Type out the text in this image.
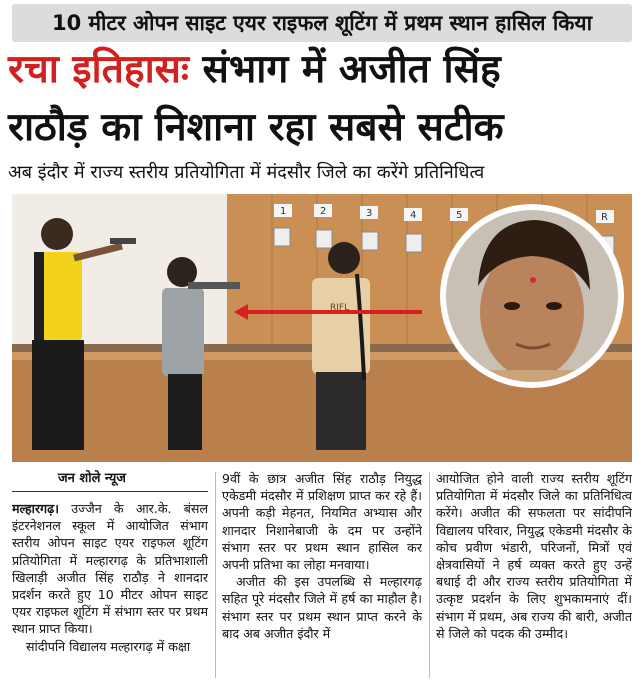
10 मीटर ओपन साइट एयर राइफल शूटिंग में प्रथम स्थान हासिल किया
रचा इतिहासः संभाग में अजीत सिंह
राठौड़ का निशाना रहा सबसे सटीक
अब इंदौर में राज्य स्तरीय प्रतियोगिता में मंदसौर जिले का करेंगे प्रतिनिधित्व
1	2	3	4	5	R
RIFL
जन शोले न्यूज

मल्हारगढ़। उज्जैन के आर.के. बंसल इंटरनेशनल स्कूल में आयोजित संभाग स्तरीय ओपन साइट एयर राइफल शूटिंग प्रतियोगिता में मल्हारगढ़ के प्रतिभाशाली खिलाड़ी अजीत सिंह राठौड़ ने शानदार प्रदर्शन करते हुए 10 मीटर ओपन साइट एयर राइफल शूटिंग में संभाग स्तर पर प्रथम स्थान प्राप्त किया।

सांदीपनि विद्यालय मल्हारगढ़ में कक्षा

9वीं के छात्र अजीत सिंह राठौड़ नियुद्ध एकेडमी मंदसौर में प्रशिक्षण प्राप्त कर रहे हैं। अपनी कड़ी मेहनत, नियमित अभ्यास और शानदार निशानेबाजी के दम पर उन्होंने संभाग स्तर पर प्रथम स्थान हासिल कर अपनी प्रतिभा का लोहा मनवाया।

अजीत की इस उपलब्धि से मल्हारगढ़ सहित पूरे मंदसौर जिले में हर्ष का माहौल है। संभाग स्तर पर प्रथम स्थान प्राप्त करने के बाद अब अजीत इंदौर में

आयोजित होने वाली राज्य स्तरीय शूटिंग प्रतियोगिता में मंदसौर जिले का प्रतिनिधित्व करेंगे। अजीत की सफलता पर सांदीपनि विद्यालय परिवार, नियुद्ध एकेडमी मंदसौर के कोच प्रवीण भंडारी, परिजनों, मित्रों एवं क्षेत्रवासियों ने हर्ष व्यक्त करते हुए उन्हें बधाई दी और राज्य स्तरीय प्रतियोगिता में उत्कृष्ट प्रदर्शन के लिए शुभकामनाएं दीं। संभाग में प्रथम, अब राज्य की बारी, अजीत से जिले को पदक की उम्मीद।
